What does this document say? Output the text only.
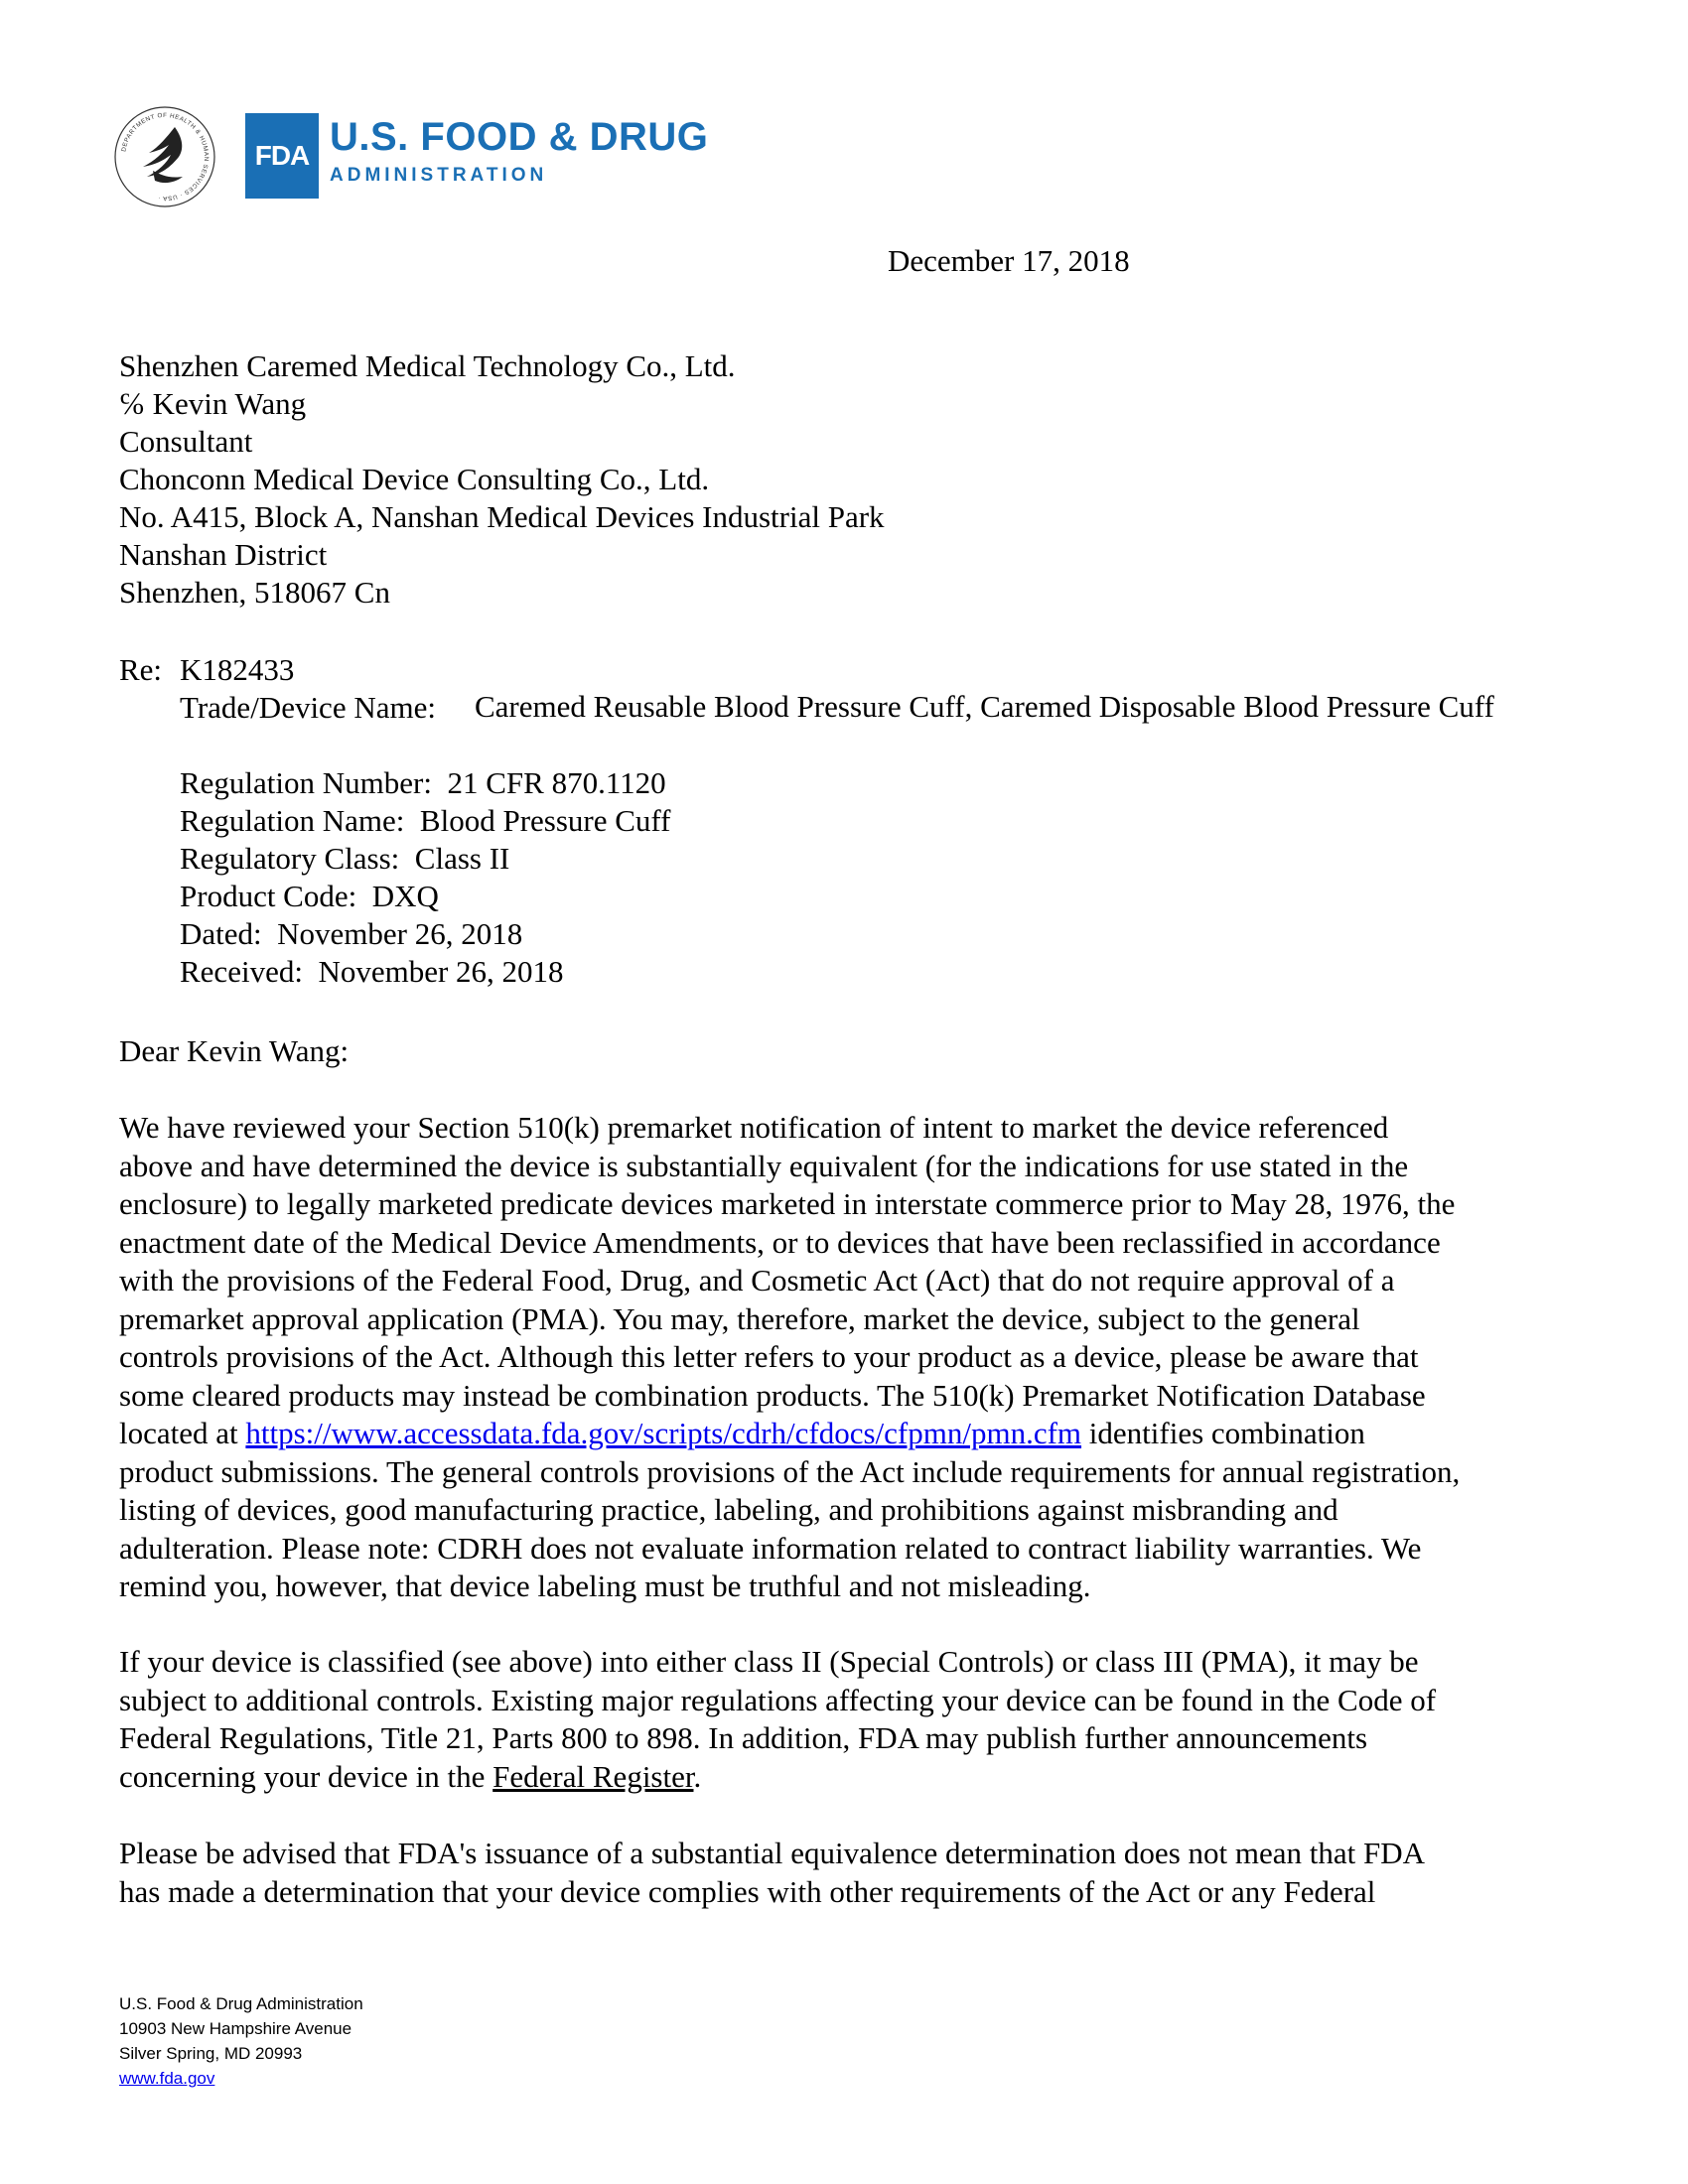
DEPARTMENT OF HEALTH & HUMAN SERVICES · USA ·
FDA U.S. FOOD & DRUG
ADMINISTRATION
December 17, 2018
Shenzhen Caremed Medical Technology Co., Ltd.
℅ Kevin Wang
Consultant
Chonconn Medical Device Consulting Co., Ltd.
No. A415, Block A, Nanshan Medical Devices Industrial Park
Nanshan District
Shenzhen, 518067 Cn
Re: K182433
Trade/Device Name:	Caremed Reusable Blood Pressure Cuff, Caremed Disposable Blood Pressure Cuff

Regulation Number: 21 CFR 870.1120
Regulation Name: Blood Pressure Cuff
Regulatory Class: Class II
Product Code: DXQ
Dated: November 26, 2018
Received: November 26, 2018
Dear Kevin Wang:
We have reviewed your Section 510(k) premarket notification of intent to market the device referenced
above and have determined the device is substantially equivalent (for the indications for use stated in the
enclosure) to legally marketed predicate devices marketed in interstate commerce prior to May 28, 1976, the
enactment date of the Medical Device Amendments, or to devices that have been reclassified in accordance
with the provisions of the Federal Food, Drug, and Cosmetic Act (Act) that do not require approval of a
premarket approval application (PMA). You may, therefore, market the device, subject to the general
controls provisions of the Act. Although this letter refers to your product as a device, please be aware that
some cleared products may instead be combination products. The 510(k) Premarket Notification Database
located at https://www.accessdata.fda.gov/scripts/cdrh/cfdocs/cfpmn/pmn.cfm identifies combination
product submissions. The general controls provisions of the Act include requirements for annual registration,
listing of devices, good manufacturing practice, labeling, and prohibitions against misbranding and
adulteration. Please note: CDRH does not evaluate information related to contract liability warranties. We
remind you, however, that device labeling must be truthful and not misleading.
If your device is classified (see above) into either class II (Special Controls) or class III (PMA), it may be
subject to additional controls. Existing major regulations affecting your device can be found in the Code of
Federal Regulations, Title 21, Parts 800 to 898. In addition, FDA may publish further announcements
concerning your device in the Federal Register.
Please be advised that FDA's issuance of a substantial equivalence determination does not mean that FDA
has made a determination that your device complies with other requirements of the Act or any Federal
U.S. Food & Drug Administration
10903 New Hampshire Avenue
Silver Spring, MD 20993
www.fda.gov
